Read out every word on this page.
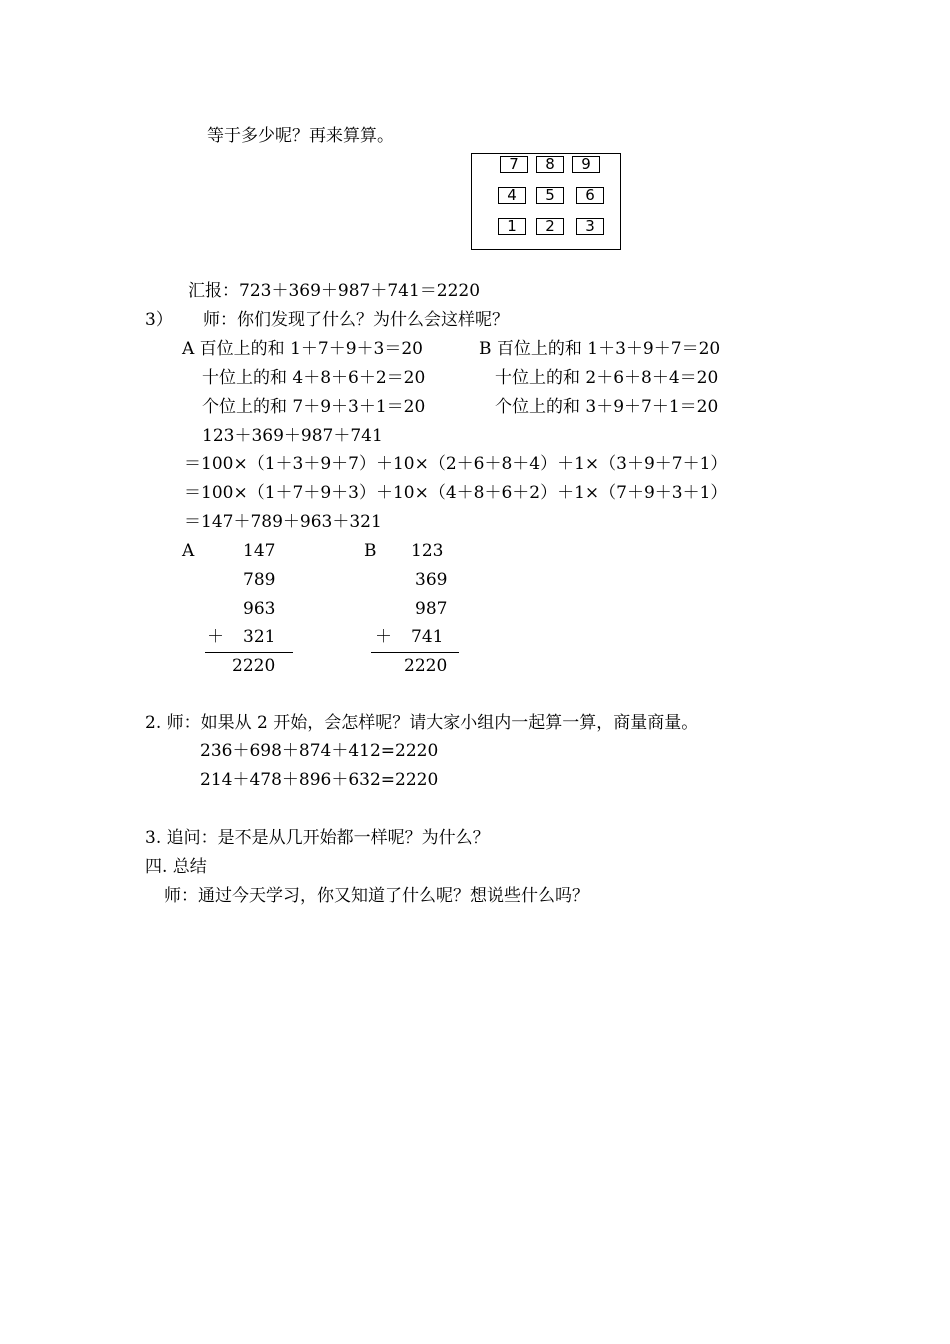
等于多少呢？再来算算。
7	8	9
4	5	6
1	2	3
汇报：723＋369＋987＋741＝2220
3） 师：你们发现了什么？为什么会这样呢？
A 百位上的和 1＋7＋9＋3＝20	B 百位上的和 1＋3＋9＋7＝20
十位上的和 4＋8＋6＋2＝20	十位上的和 2＋6＋8＋4＝20
个位上的和 7＋9＋3＋1＝20	个位上的和 3＋9＋7＋1＝20
123＋369＋987＋741
＝100×（1＋3＋9＋7）＋10×（2＋6＋8＋4）＋1×（3＋9＋7＋1）
＝100×（1＋7＋9＋3）＋10×（4＋8＋6＋2）＋1×（7＋9＋3＋1）
＝147＋789＋963＋321
A	147
789
963
＋ 321
2220
B 123
369
987
＋ 741
2220
2. 师：如果从 2 开始，会怎样呢？请大家小组内一起算一算，商量商量。
236＋698＋874＋412=2220
214＋478＋896＋632=2220
3. 追问：是不是从几开始都一样呢？为什么？
四. 总结
师：通过今天学习，你又知道了什么呢？想说些什么吗？
